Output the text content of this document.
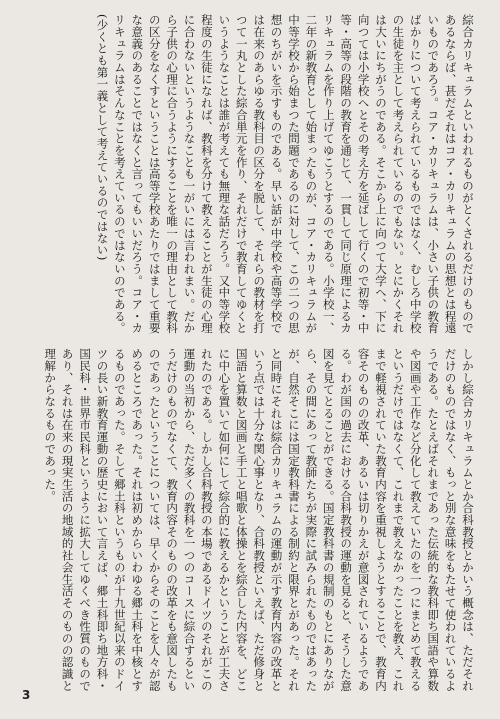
綜合カリキュラムといわれるものがとくされるだけのものであるならば、甚だそれはコア・カリキュラムの思想とは程遠いものであろう。コア・カリキュラムは、小さい子供の教育ばかりについて考えられているものではなく、むしろ中学校の生徒を主として考えられているのでもない。とにかくそれは大いにちがうのである。そこから上に向つて大学へ、下に向つては小学校へとその考え方を延ばして行くので初等・中等・高等の段階の教育を通じて、一貫して同じ原理によるカリキュラムを作り上げてゆこうとするのである。小学校一、二年の新教育として始まったものが、コア・カリキュラムが中等学校から始まつた問題であるのに対して、この二つの思想のちがいを示すものである。早い話が中学校や高等学校では在来のあらゆる教科目の区分を脱して、それらの教材を打つて一丸とした綜合単元を作り、それだけで教育してゆくというようなことは誰が考えても無理な話だろう。又中等学校程度の生徒になれば、教科を分けて教えることが生徒の心理に合わないというようなことも一がいには言われまい。だから子供の心理に合うようにすることを唯一の理由として教科の区分をなくすということは高等学校あたりではまして重要な意義のあることではなくと言ってもいいだろう。コア・カリキュラムはそんなことを考えているのではないのである。(少くとも第一義として考えているのではない)
しかし綜合カリキュラムとか合科教授とかいう概念は、ただそれだけのものではなく、もっと別な意味をもたせて使われているようである。たとえばそれまであった伝統的な教科即ち国語や算数や図画や工作など分化して教えていたのを一つにまとめて教えるというだけではなくて、これまで教えなかったことを教え、これまで軽視されていた教育内容を重視しようとすることで、教育内容そのものの改革、あるいは切りかえが意図されているようである。わが国の過去における合科教授の運動を見ると、そうした意図を見てとることができる。国定教科書の規制のもとにありながら、その間にあって教師たちが実際に試みられたものではあったが、自然そこには国定教科書による制約と限界とがあった。それと同時にそれは綜合カリキュラムの運動が示す教育内容の改革という点では十分な関心事となり、合科教授といえば、ただ修身と国語と算数と図画と手工と唱歌と体操とを綜合した内容を、どこに中心を置いて如何にして綜合的に教えるかということが工夫されたのである。しかし合科教授の本場であるドイツのそれがこの運動の当初から、ただ多くの教科を一つのコースに綜合するというだけのものでなくて、教育内容そのものの改革をも意図したものであったということについては、早くからそのことを人々が認めるところであった。それは初めからいわゆる郷土科を中核とするものであった。そして郷土科というものが十九世紀以来のドイツの長い新教育運動の歴史において言えば、郷土科即ち地方科・国民科・世界市民科というように拡大してゆくべき性質のものであり、それは在来の現実生活の地域的社会生活そのものの認識と理解からなるものであった。
3
